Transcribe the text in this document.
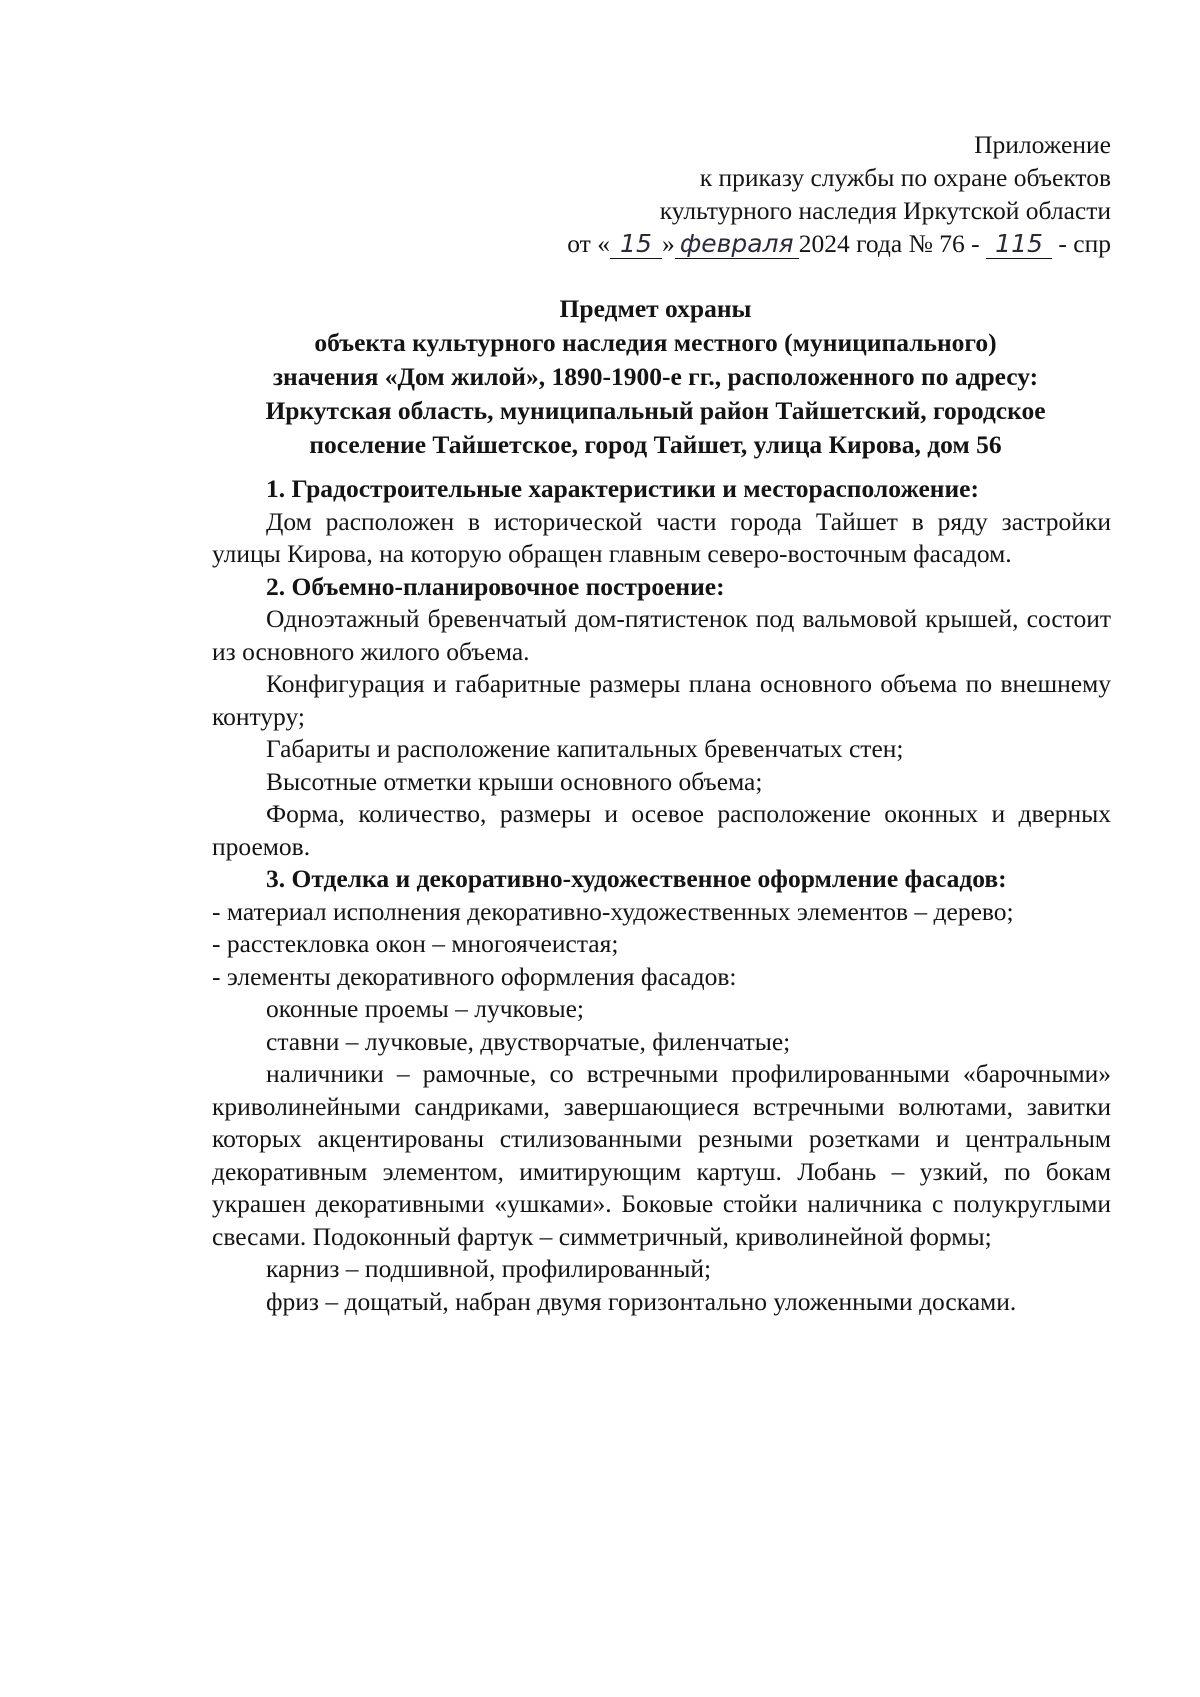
Приложение
к приказу службы по охране объектов
культурного наследия Иркутской области
от « 15 » февраля 2024 года № 76 - 115 - спр
Предмет охраны
объекта культурного наследия местного (муниципального)
значения «Дом жилой», 1890-1900-е гг., расположенного по адресу:
Иркутская область, муниципальный район Тайшетский, городское
поселение Тайшетское, город Тайшет, улица Кирова, дом 56

1. Градостроительные характеристики и месторасположение:

Дом расположен в исторической части города Тайшет в ряду застройки улицы Кирова, на которую обращен главным северо-восточным фасадом.

2. Объемно-планировочное построение:

Одноэтажный бревенчатый дом-пятистенок под вальмовой крышей, состоит из основного жилого объема.

Конфигурация и габаритные размеры плана основного объема по внешнему контуру;

Габариты и расположение капитальных бревенчатых стен;

Высотные отметки крыши основного объема;

Форма, количество, размеры и осевое расположение оконных и дверных проемов.

3. Отделка и декоративно-художественное оформление фасадов:

- материал исполнения декоративно-художественных элементов – дерево;

- расстекловка окон – многоячеистая;

- элементы декоративного оформления фасадов:

оконные проемы – лучковые;

ставни – лучковые, двустворчатые, филенчатые;

наличники – рамочные, со встречными профилированными «барочными» криволинейными сандриками, завершающиеся встречными волютами, завитки которых акцентированы стилизованными резными розетками и центральным декоративным элементом, имитирующим картуш. Лобань – узкий, по бокам украшен декоративными «ушками». Боковые стойки наличника с полукруглыми свесами. Подоконный фартук – симметричный, криволинейной формы;

карниз – подшивной, профилированный;

фриз – дощатый, набран двумя горизонтально уложенными досками.
